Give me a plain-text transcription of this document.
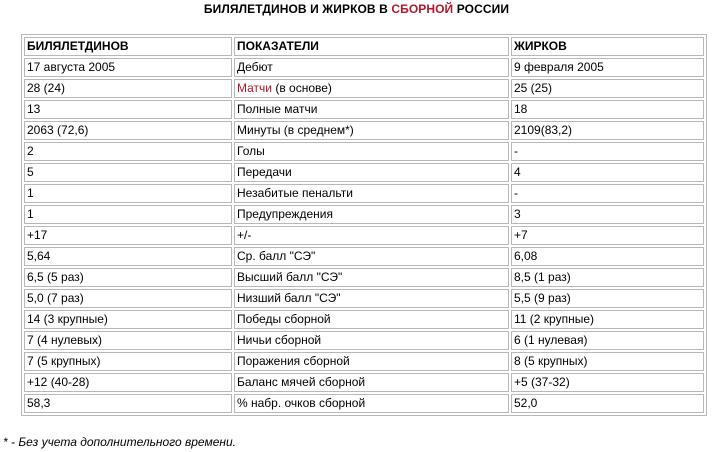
БИЛЯЛЕТДИНОВ И ЖИРКОВ В СБОРНОЙ РОССИИ
БИЛЯЛЕТДИНОВ	ПОКАЗАТЕЛИ	ЖИРКОВ
17 августа 2005	Дебют	9 февраля 2005
28 (24)	Матчи (в основе)	25 (25)
13	Полные матчи	18
2063 (72,6)	Минуты (в среднем*)	2109(83,2)
2	Голы	-
5	Передачи	4
1	Незабитые пенальти	-
1	Предупреждения	3
+17	+/-	+7
5,64	Ср. балл "СЭ"	6,08
6,5 (5 раз)	Высший балл "СЭ"	8,5 (1 раз)
5,0 (7 раз)	Низший балл "СЭ"	5,5 (9 раз)
14 (3 крупные)	Победы сборной	11 (2 крупные)
7 (4 нулевых)	Ничьи сборной	6 (1 нулевая)
7 (5 крупных)	Поражения сборной	8 (5 крупных)
+12 (40-28)	Баланс мячей сборной	+5 (37-32)
58,3	% набр. очков сборной	52,0
* - Без учета дополнительного времени.
